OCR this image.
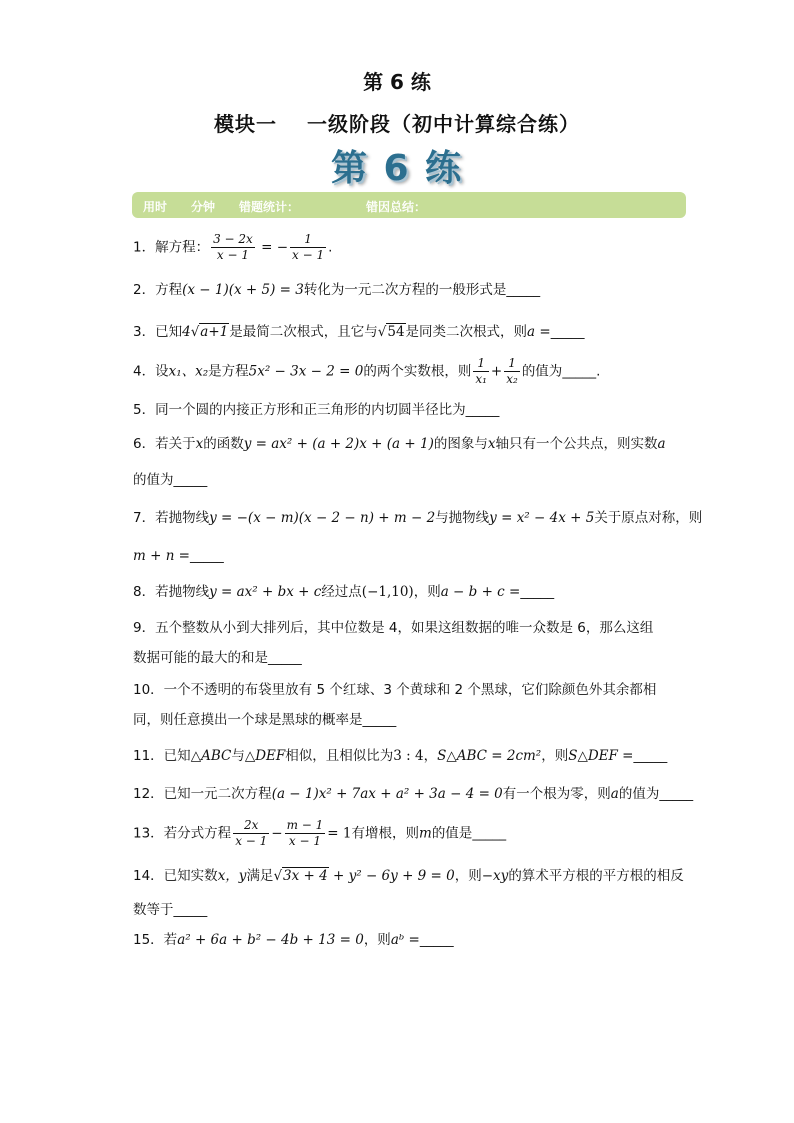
第 6 练
模块一 一级阶段（初中计算综合练）
第 6 练
用时 分钟 错题统计：	错因总结：
1．解方程： $\frac{3 - 2x}{x - 1}$ = − $\frac{1}{x - 1}$ .
2．方程(x − 1)(x + 5) = 3转化为一元二次方程的一般形式是_____
3．已知4√a+1是最简二次根式，且它与√54是同类二次根式，则a =_____
4．设x₁、x₂是方程5x² − 3x − 2 = 0的两个实数根，则 $\frac{1}{\text{x₁}} + \frac{1}{\text{x₂}}$ 的值为_____.
5．同一个圆的内接正方形和正三角形的内切圆半径比为_____
6．若关于x的函数y = ax² + (a + 2)x + (a + 1)的图象与x轴只有一个公共点，则实数a
的值为_____
7．若抛物线y = −(x − m)(x − 2 − n) + m − 2与抛物线y = x² − 4x + 5关于原点对称，则
m + n =_____
8．若抛物线y = ax² + bx + c经过点(−1,10)，则a − b + c =_____
9．五个整数从小到大排列后，其中位数是 4，如果这组数据的唯一众数是 6，那么这组
数据可能的最大的和是_____
10．一个不透明的布袋里放有 5 个红球、3 个黄球和 2 个黑球，它们除颜色外其余都相
同，则任意摸出一个球是黑球的概率是_____
11．已知△ABC与△DEF相似，且相似比为3 : 4，S△ABC = 2cm²，则S△DEF =_____
12．已知一元二次方程(a − 1)x² + 7ax + a² + 3a − 4 = 0有一个根为零，则a的值为_____
13．若分式方程 $\frac{2x}{x - 1} - \frac{m - 1}{x - 1} = 1$有增根，则m的值是_____
14．已知实数x，y满足√3x + 4 + y² − 6y + 9 = 0，则−xy的算术平方根的平方根的相反
数等于_____
15．若a² + 6a + b² − 4b + 13 = 0，则aᵇ =_____
